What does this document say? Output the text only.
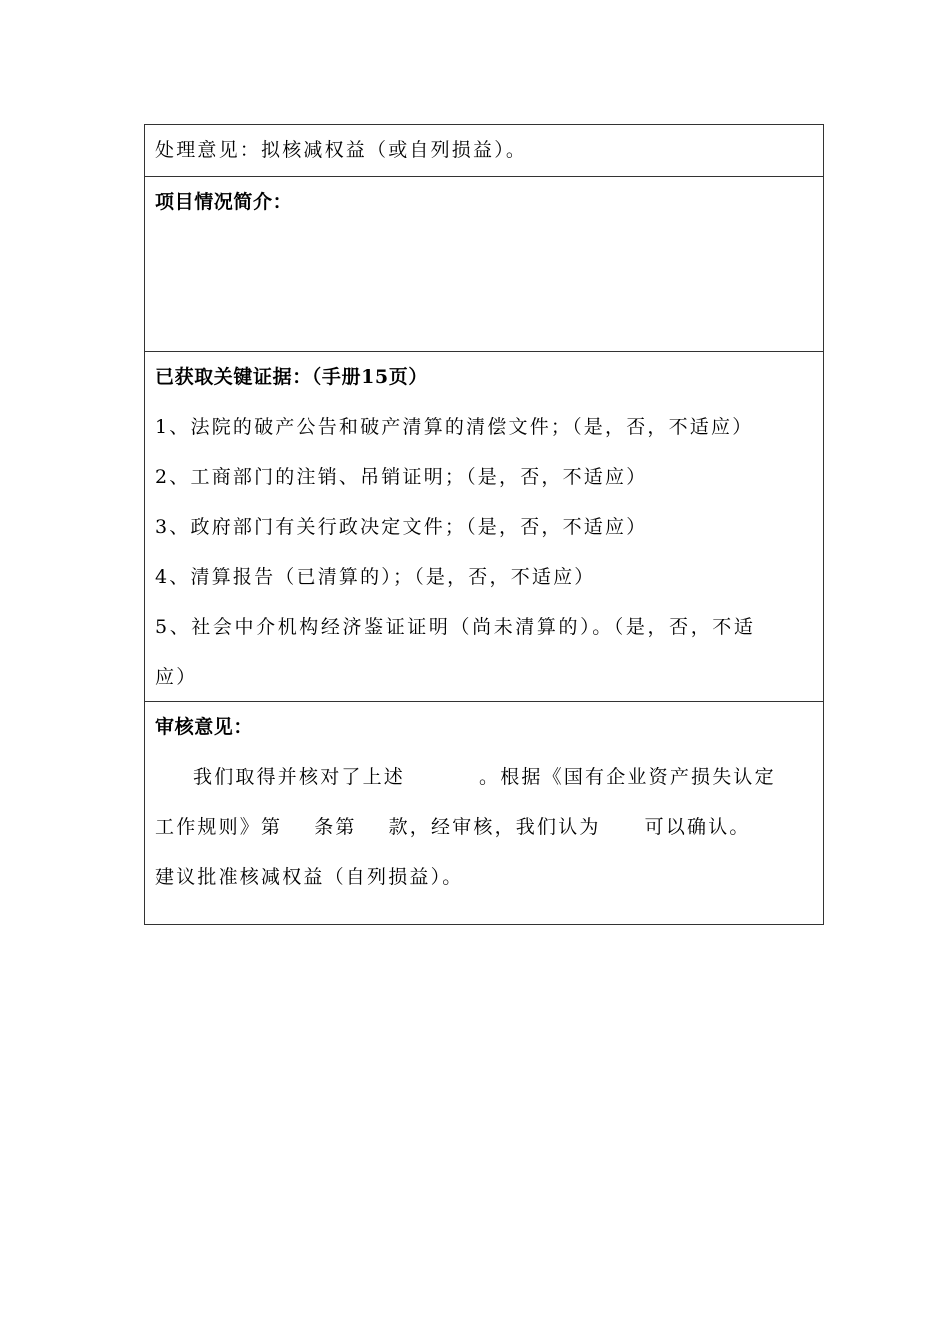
处理意见：拟核减权益（或自列损益）。
项目情况简介：
已获取关键证据：（手册15页）
1、法院的破产公告和破产清算的清偿文件；（是，否，不适应）
2、工商部门的注销、吊销证明；（是，否，不适应）
3、政府部门有关行政决定文件；（是，否，不适应）
4、清算报告（已清算的）；（是，否，不适应）
5、社会中介机构经济鉴证证明（尚未清算的）。（是，否，不适
应）
审核意见：
我们取得并核对了上述	。根据《国有企业资产损失认定
工作规则》第 条第 款，经审核，我们认为 可以确认。
建议批准核减权益（自列损益）。
